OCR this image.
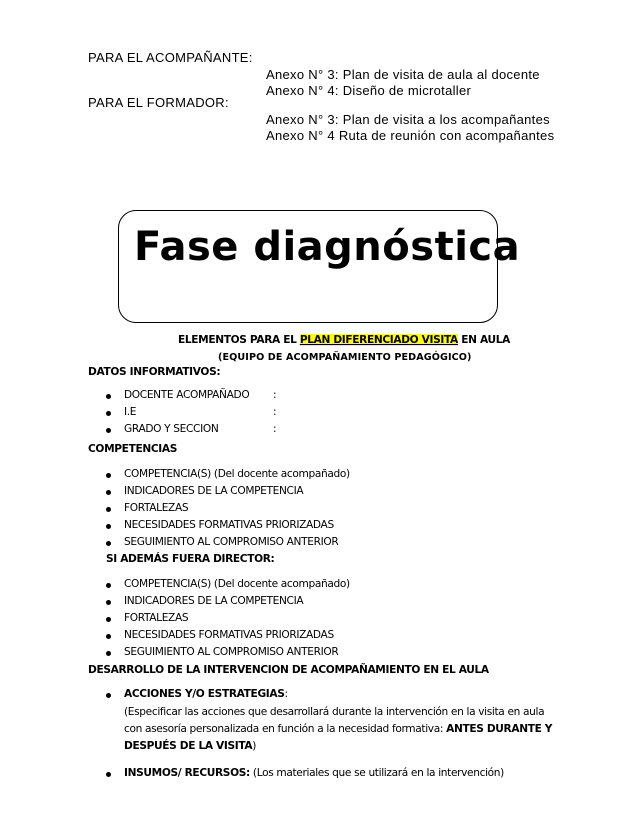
PARA EL ACOMPAÑANTE:
Anexo N° 3: Plan de visita de aula al docente
Anexo N° 4: Diseño de microtaller
PARA EL FORMADOR:
Anexo N° 3: Plan de visita a los acompañantes
Anexo N° 4 Ruta de reunión con acompañantes
Fase diagnóstica
ELEMENTOS PARA EL PLAN DIFERENCIADO VISITA EN AULA
(EQUIPO DE ACOMPAÑAMIENTO PEDAGÓGICO)
DATOS INFORMATIVOS:
DOCENTE ACOMPAÑADO :
I.E	:
GRADO Y SECCION	:
COMPETENCIAS
COMPETENCIA(S) (Del docente acompañado)
INDICADORES DE LA COMPETENCIA
FORTALEZAS
NECESIDADES FORMATIVAS PRIORIZADAS
SEGUIMIENTO AL COMPROMISO ANTERIOR
SI ADEMÁS FUERA DIRECTOR:
COMPETENCIA(S) (Del docente acompañado)
INDICADORES DE LA COMPETENCIA
FORTALEZAS
NECESIDADES FORMATIVAS PRIORIZADAS
SEGUIMIENTO AL COMPROMISO ANTERIOR
DESARROLLO DE LA INTERVENCION DE ACOMPAÑAMIENTO EN EL AULA
ACCIONES Y/O ESTRATEGIAS:
(Especificar las acciones que desarrollará durante la intervención en la visita en aula con asesoría personalizada en función a la necesidad formativa: ANTES DURANTE Y DESPUÉS DE LA VISITA)
INSUMOS/ RECURSOS: (Los materiales que se utilizará en la intervención)
